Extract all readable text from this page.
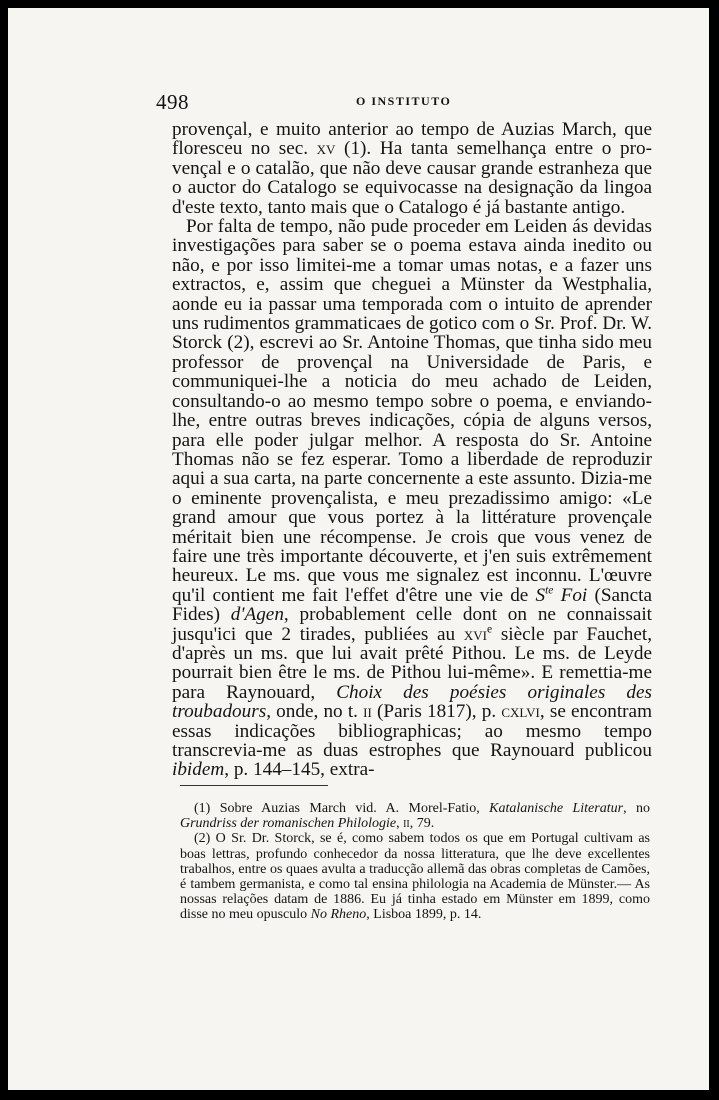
498	O INSTITUTO

provençal, e muito anterior ao tempo de Auzias March, que floresceu no sec. xv (1). Ha tanta semelhança entre o provençal e o catalão, que não deve causar grande estranheza que o auctor do Catalogo se equivocasse na designação da lingoa d'este texto, tanto mais que o Catalogo é já bastante antigo.

Por falta de tempo, não pude proceder em Leiden ás devidas investigações para saber se o poema estava ainda inedito ou não, e por isso limitei-me a tomar umas notas, e a fazer uns extractos, e, assim que cheguei a Münster da Westphalia, aonde eu ia passar uma temporada com o intuito de aprender uns rudimentos grammaticaes de gotico com o Sr. Prof. Dr. W. Storck (2), escrevi ao Sr. Antoine Thomas, que tinha sido meu professor de provençal na Universidade de Paris, e communiquei-lhe a noticia do meu achado de Leiden, consultando-o ao mesmo tempo sobre o poema, e enviando-lhe, entre outras breves indicações, cópia de alguns versos, para elle poder julgar melhor. A resposta do Sr. Antoine Thomas não se fez esperar. Tomo a liberdade de reproduzir aqui a sua carta, na parte concernente a este assunto. Dizia-me o eminente provençalista, e meu prezadissimo amigo: «Le grand amour que vous portez à la littérature provençale méritait bien une récompense. Je crois que vous venez de faire une très importante découverte, et j'en suis extrêmement heureux. Le ms. que vous me signalez est inconnu. L'œuvre qu'il contient me fait l'effet d'être une vie de $S^{te}$ Foi (Sancta Fides) d'Agen, probablement celle dont on ne connaissait jusqu'ici que 2 tirades, publiées au xvi$^e$ siècle par Fauchet, d'après un ms. que lui avait prêté Pithou. Le ms. de Leyde pourrait bien être le ms. de Pithou lui-même». E remettia-me para Raynouard, Choix des poésies originales des troubadours, onde, no t. ii (Paris 1817), p. cxlvi, se encontram essas indicações bibliographicas; ao mesmo tempo transcrevia-me as duas estrophes que Raynouard publicou ibidem, p. 144–145, extra-

(1) Sobre Auzias March vid. A. Morel-Fatio, Katalanische Literatur, no Grundriss der romanischen Philologie, ii, 79.

(2) O Sr. Dr. Storck, se é, como sabem todos os que em Portugal cultivam as boas lettras, profundo conhecedor da nossa litteratura, que lhe deve excellentes trabalhos, entre os quaes avulta a traducção allemã das obras completas de Camões, é tambem germanista, e como tal ensina philologia na Academia de Münster.— As nossas relações datam de 1886. Eu já tinha estado em Münster em 1899, como disse no meu opusculo No Rheno, Lisboa 1899, p. 14.
